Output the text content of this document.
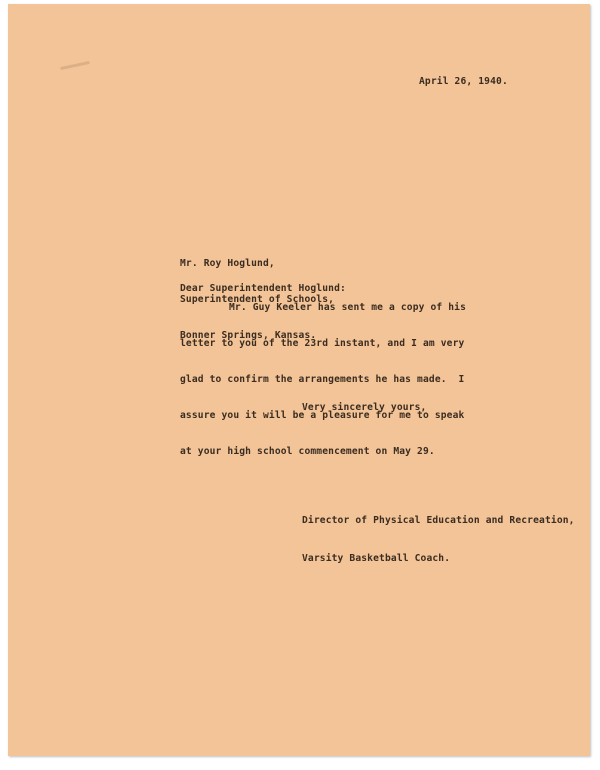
April 26, 1940.

Mr. Roy Hoglund,

Superintendent of Schools,

Bonner Springs, Kansas.

Dear Superintendent Hoglund:
Mr. Guy Keeler has sent me a copy of his

letter to you of the 23rd instant, and I am very

glad to confirm the arrangements he has made.  I

assure you it will be a pleasure for me to speak

at your high school commencement on May 29.

Very sincerely yours,

Director of Physical Education and Recreation,

Varsity Basketball Coach.
